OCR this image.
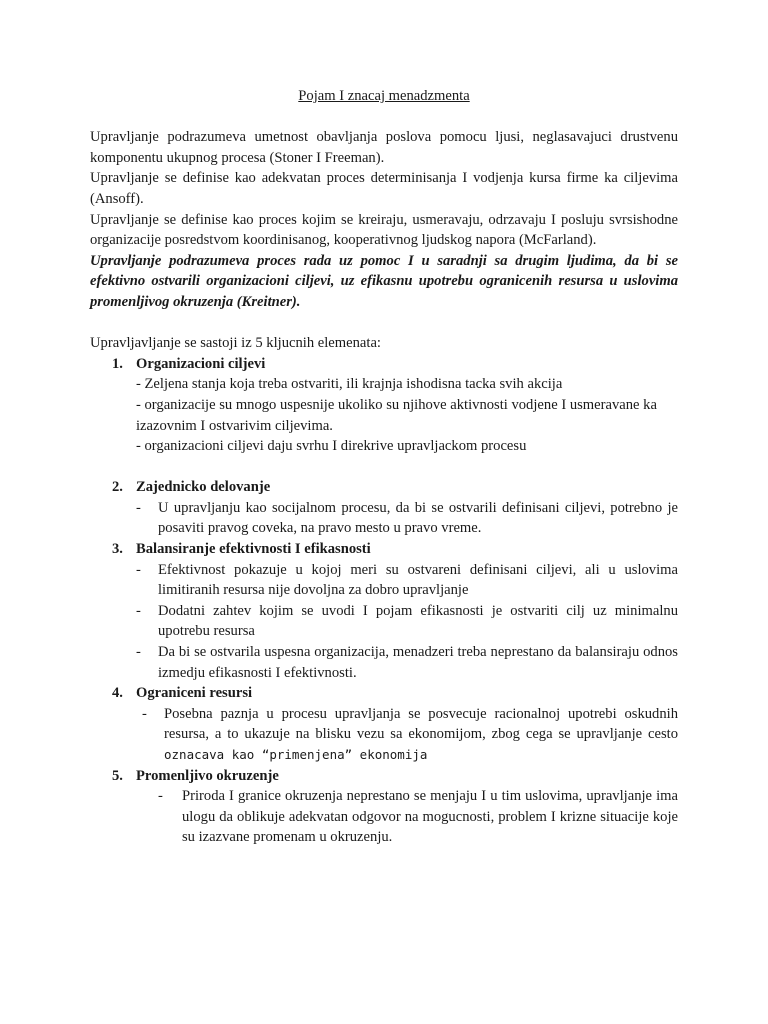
Pojam I znacaj menadzmenta

Upravljanje podrazumeva umetnost obavljanja poslova pomocu ljusi, neglasavajuci drustvenu komponentu ukupnog procesa (Stoner I Freeman).

Upravljanje se definise kao adekvatan proces determinisanja I vodjenja kursa firme ka ciljevima (Ansoff).

Upravljanje se definise kao proces kojim se kreiraju, usmeravaju, odrzavaju I posluju svrsishodne organizacije posredstvom koordinisanog, kooperativnog ljudskog napora (McFarland).

Upravljanje podrazumeva proces rada uz pomoc I u saradnji sa drugim ljudima, da bi se efektivno ostvarili organizacioni ciljevi, uz efikasnu upotrebu ogranicenih resursa u uslovima promenljivog okruzenja (Kreitner).

Upravljavljanje se sastoji iz 5 kljucnih elemenata:

1. Organizacioni ciljevi
- Zeljena stanja koja treba ostvariti, ili krajnja ishodisna tacka svih akcija
- organizacije su mnogo uspesnije ukoliko su njihove aktivnosti vodjene I usmeravane ka izazovnim I ostvarivim ciljevima.
- organizacioni ciljevi daju svrhu I direkrive upravljackom procesu
2. Zajednicko delovanje
- U upravljanju kao socijalnom procesu, da bi se ostvarili definisani ciljevi, potrebno je posaviti pravog coveka, na pravo mesto u pravo vreme.
3. Balansiranje efektivnosti I efikasnosti
- Efektivnost pokazuje u kojoj meri su ostvareni definisani ciljevi, ali u uslovima limitiranih resursa nije dovoljna za dobro upravljanje
- Dodatni zahtev kojim se uvodi I pojam efikasnosti je ostvariti cilj uz minimalnu upotrebu resursa
- Da bi se ostvarila uspesna organizacija, menadzeri treba neprestano da balansiraju odnos izmedju efikasnosti I efektivnosti.
4. Ograniceni resursi
- Posebna paznja u procesu upravljanja se posvecuje racionalnoj upotrebi oskudnih resursa, a to ukazuje na blisku vezu sa ekonomijom, zbog cega se upravljanje cesto oznacava kao “primenjena” ekonomija
5. Promenljivo okruzenje
- Priroda I granice okruzenja neprestano se menjaju I u tim uslovima, upravljanje ima ulogu da oblikuje adekvatan odgovor na mogucnosti, problem I krizne situacije koje su izazvane promenam u okruzenju.
